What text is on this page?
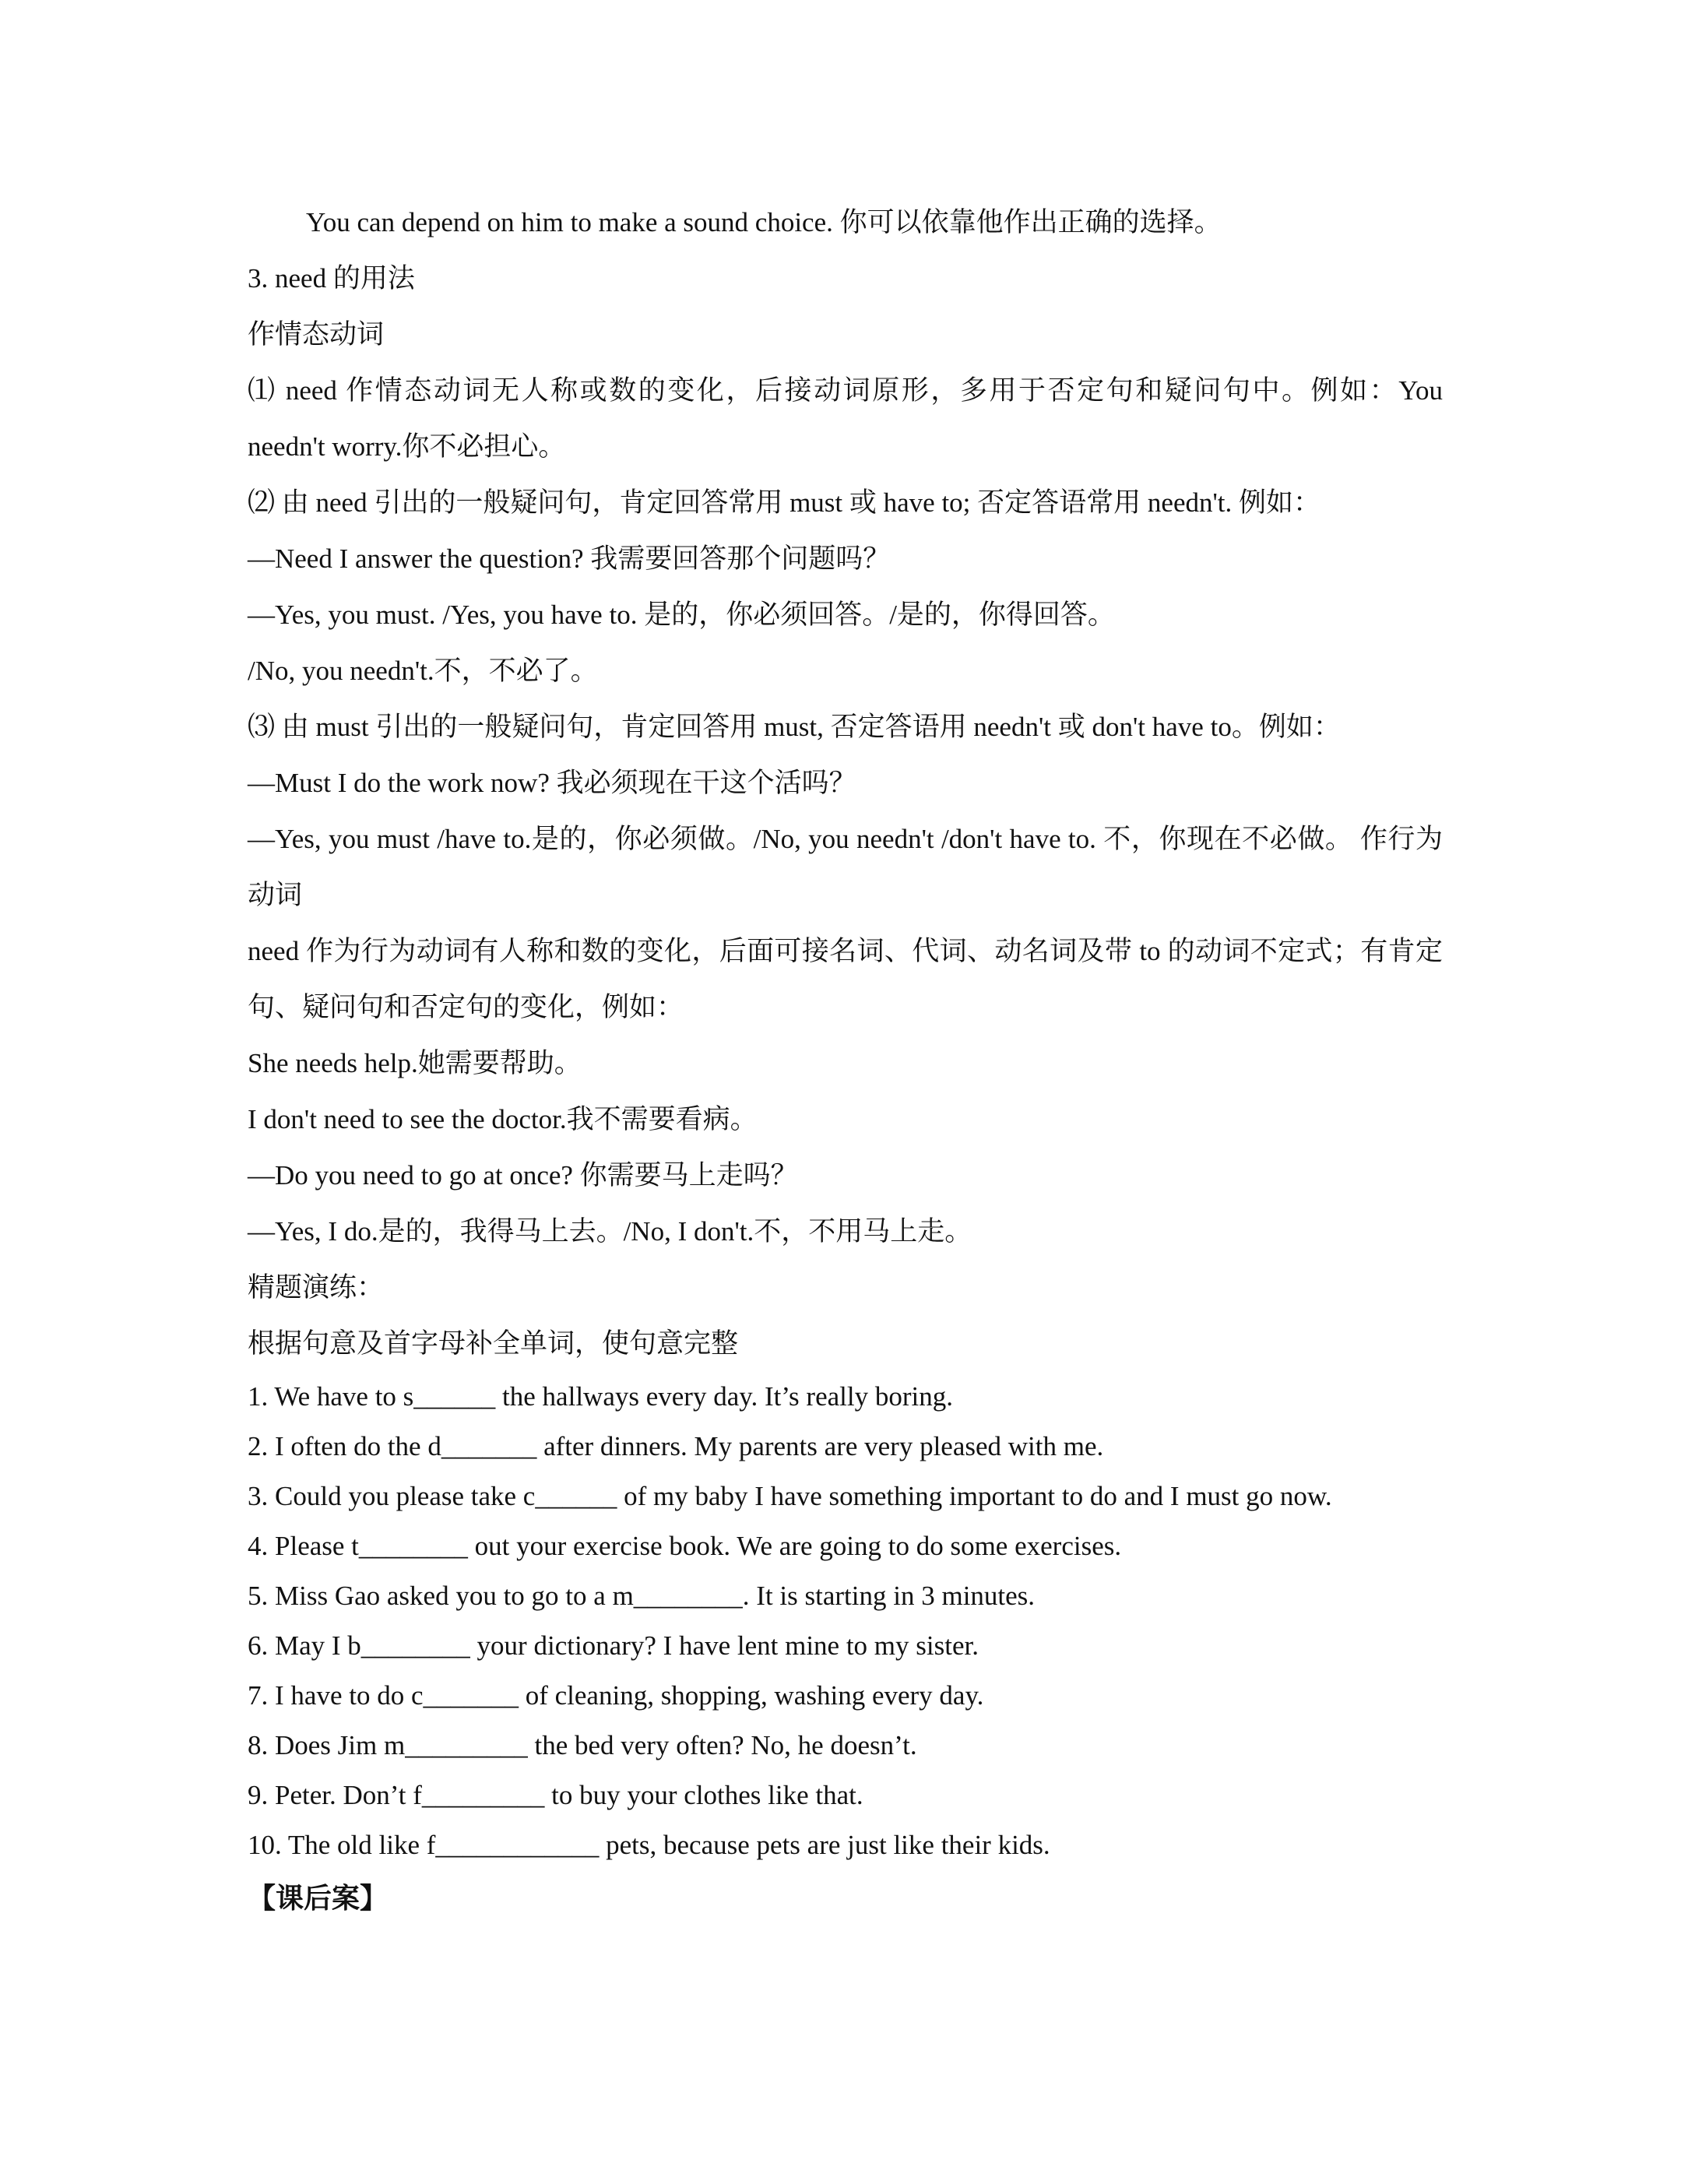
You can depend on him to make a sound choice. 你可以依靠他作出正确的选择。
3. need 的用法
作情态动词
⑴ need 作情态动词无人称或数的变化，后接动词原形，多用于否定句和疑问句中。例如：You needn't worry.你不必担心。
⑵ 由 need 引出的一般疑问句，肯定回答常用 must 或 have to; 否定答语常用 needn't. 例如：
—Need I answer the question? 我需要回答那个问题吗？
—Yes, you must. /Yes, you have to. 是的，你必须回答。/是的，你得回答。
/No, you needn't.不，不必了。
⑶ 由 must 引出的一般疑问句，肯定回答用 must, 否定答语用 needn't 或 don't have to。例如：
—Must I do the work now? 我必须现在干这个活吗？
—Yes, you must /have to.是的，你必须做。/No, you needn't /don't have to. 不，你现在不必做。 作行为动词
need 作为行为动词有人称和数的变化，后面可接名词、代词、动名词及带 to 的动词不定式；有肯定句、疑问句和否定句的变化，例如：
She needs help.她需要帮助。
I don't need to see the doctor.我不需要看病。
—Do you need to go at once? 你需要马上走吗？
—Yes, I do.是的，我得马上去。/No, I don't.不，不用马上走。
精题演练：
根据句意及首字母补全单词，使句意完整
1. We have to s______ the hallways every day. It’s really boring.
2. I often do the d_______ after dinners. My parents are very pleased with me.
3. Could you please take c______ of my baby I have something important to do and I must go now.
4. Please t________ out your exercise book. We are going to do some exercises.
5. Miss Gao asked you to go to a m________. It is starting in 3 minutes.
6. May I b________ your dictionary? I have lent mine to my sister.
7. I have to do c_______ of cleaning, shopping, washing every day.
8. Does Jim m_________ the bed very often? No, he doesn’t.
9. Peter. Don’t f_________ to buy your clothes like that.
10. The old like f____________ pets, because pets are just like their kids.
【课后案】
